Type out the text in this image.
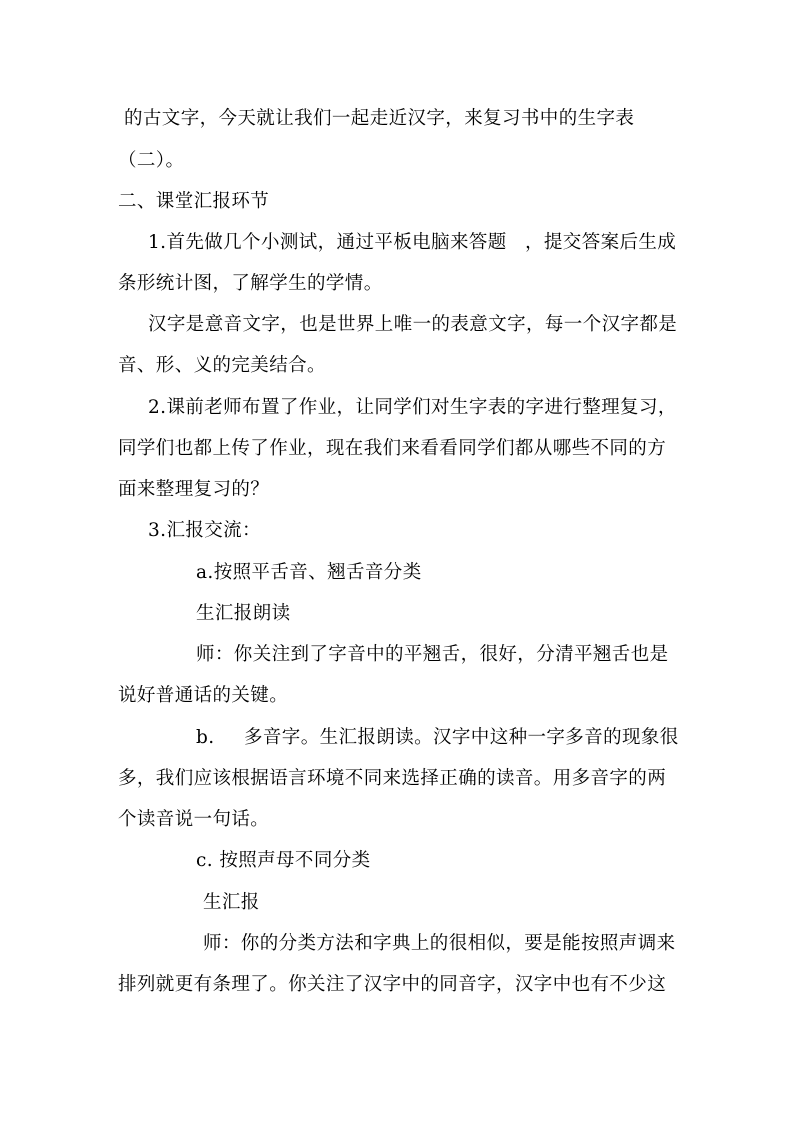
的古文字，今天就让我们一起走近汉字，来复习书中的生字表
（二）。
二、课堂汇报环节
1.首先做几个小测试，通过平板电脑来答题 ，提交答案后生成
条形统计图，了解学生的学情。
汉字是意音文字，也是世界上唯一的表意文字，每一个汉字都是
音、形、义的完美结合。
2.课前老师布置了作业，让同学们对生字表的字进行整理复习，
同学们也都上传了作业，现在我们来看看同学们都从哪些不同的方
面来整理复习的？
3.汇报交流：
a.按照平舌音、翘舌音分类
生汇报朗读
师：你关注到了字音中的平翘舌，很好，分清平翘舌也是
说好普通话的关键。
b. 多音字。生汇报朗读。汉字中这种一字多音的现象很
多，我们应该根据语言环境不同来选择正确的读音。用多音字的两
个读音说一句话。
c. 按照声母不同分类
生汇报
师：你的分类方法和字典上的很相似，要是能按照声调来
排列就更有条理了。你关注了汉字中的同音字，汉字中也有不少这
